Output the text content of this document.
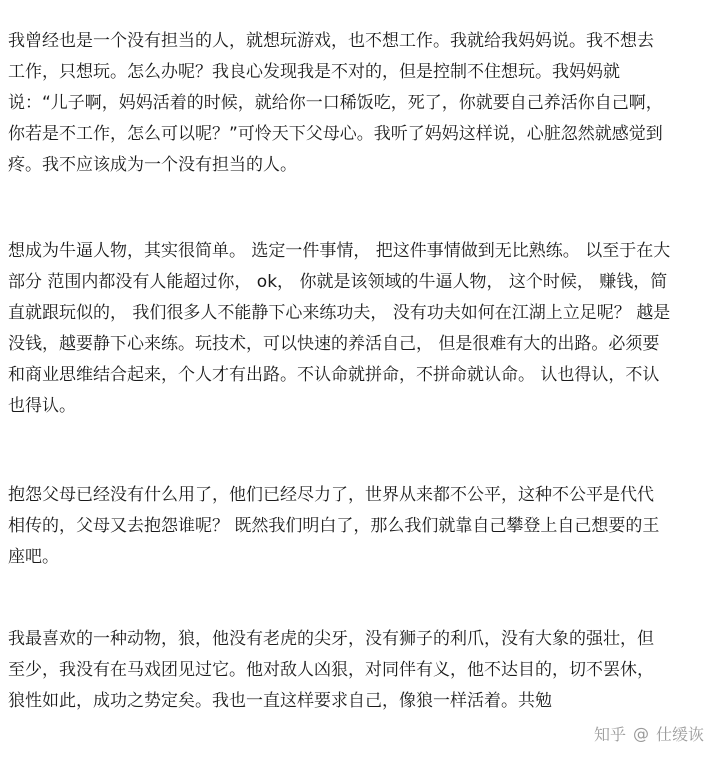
我曾经也是一个没有担当的人，就想玩游戏，也不想工作。我就给我妈妈说。我不想去
工作，只想玩。怎么办呢？我良心发现我是不对的，但是控制不住想玩。我妈妈就
说：“儿子啊，妈妈活着的时候，就给你一口稀饭吃，死了，你就要自己养活你自己啊，
你若是不工作，怎么可以呢？”可怜天下父母心。我听了妈妈这样说，心脏忽然就感觉到
疼。我不应该成为一个没有担当的人。

想成为牛逼人物，其实很简单。 选定一件事情， 把这件事情做到无比熟练。 以至于在大
部分 范围内都没有人能超过你， ok， 你就是该领域的牛逼人物， 这个时候， 赚钱，简
直就跟玩似的， 我们很多人不能静下心来练功夫， 没有功夫如何在江湖上立足呢？ 越是
没钱，越要静下心来练。玩技术，可以快速的养活自己， 但是很难有大的出路。必须要
和商业思维结合起来，个人才有出路。不认命就拼命，不拼命就认命。 认也得认，不认
也得认。

抱怨父母已经没有什么用了，他们已经尽力了，世界从来都不公平，这种不公平是代代
相传的，父母又去抱怨谁呢？ 既然我们明白了，那么我们就靠自己攀登上自己想要的王
座吧。

我最喜欢的一种动物，狼，他没有老虎的尖牙，没有狮子的利爪，没有大象的强壮，但
至少，我没有在马戏团见过它。他对敌人凶狠，对同伴有义，他不达目的，切不罢休，
狼性如此，成功之势定矣。我也一直这样要求自己，像狼一样活着。共勉

知乎 @ 仕缓诙
